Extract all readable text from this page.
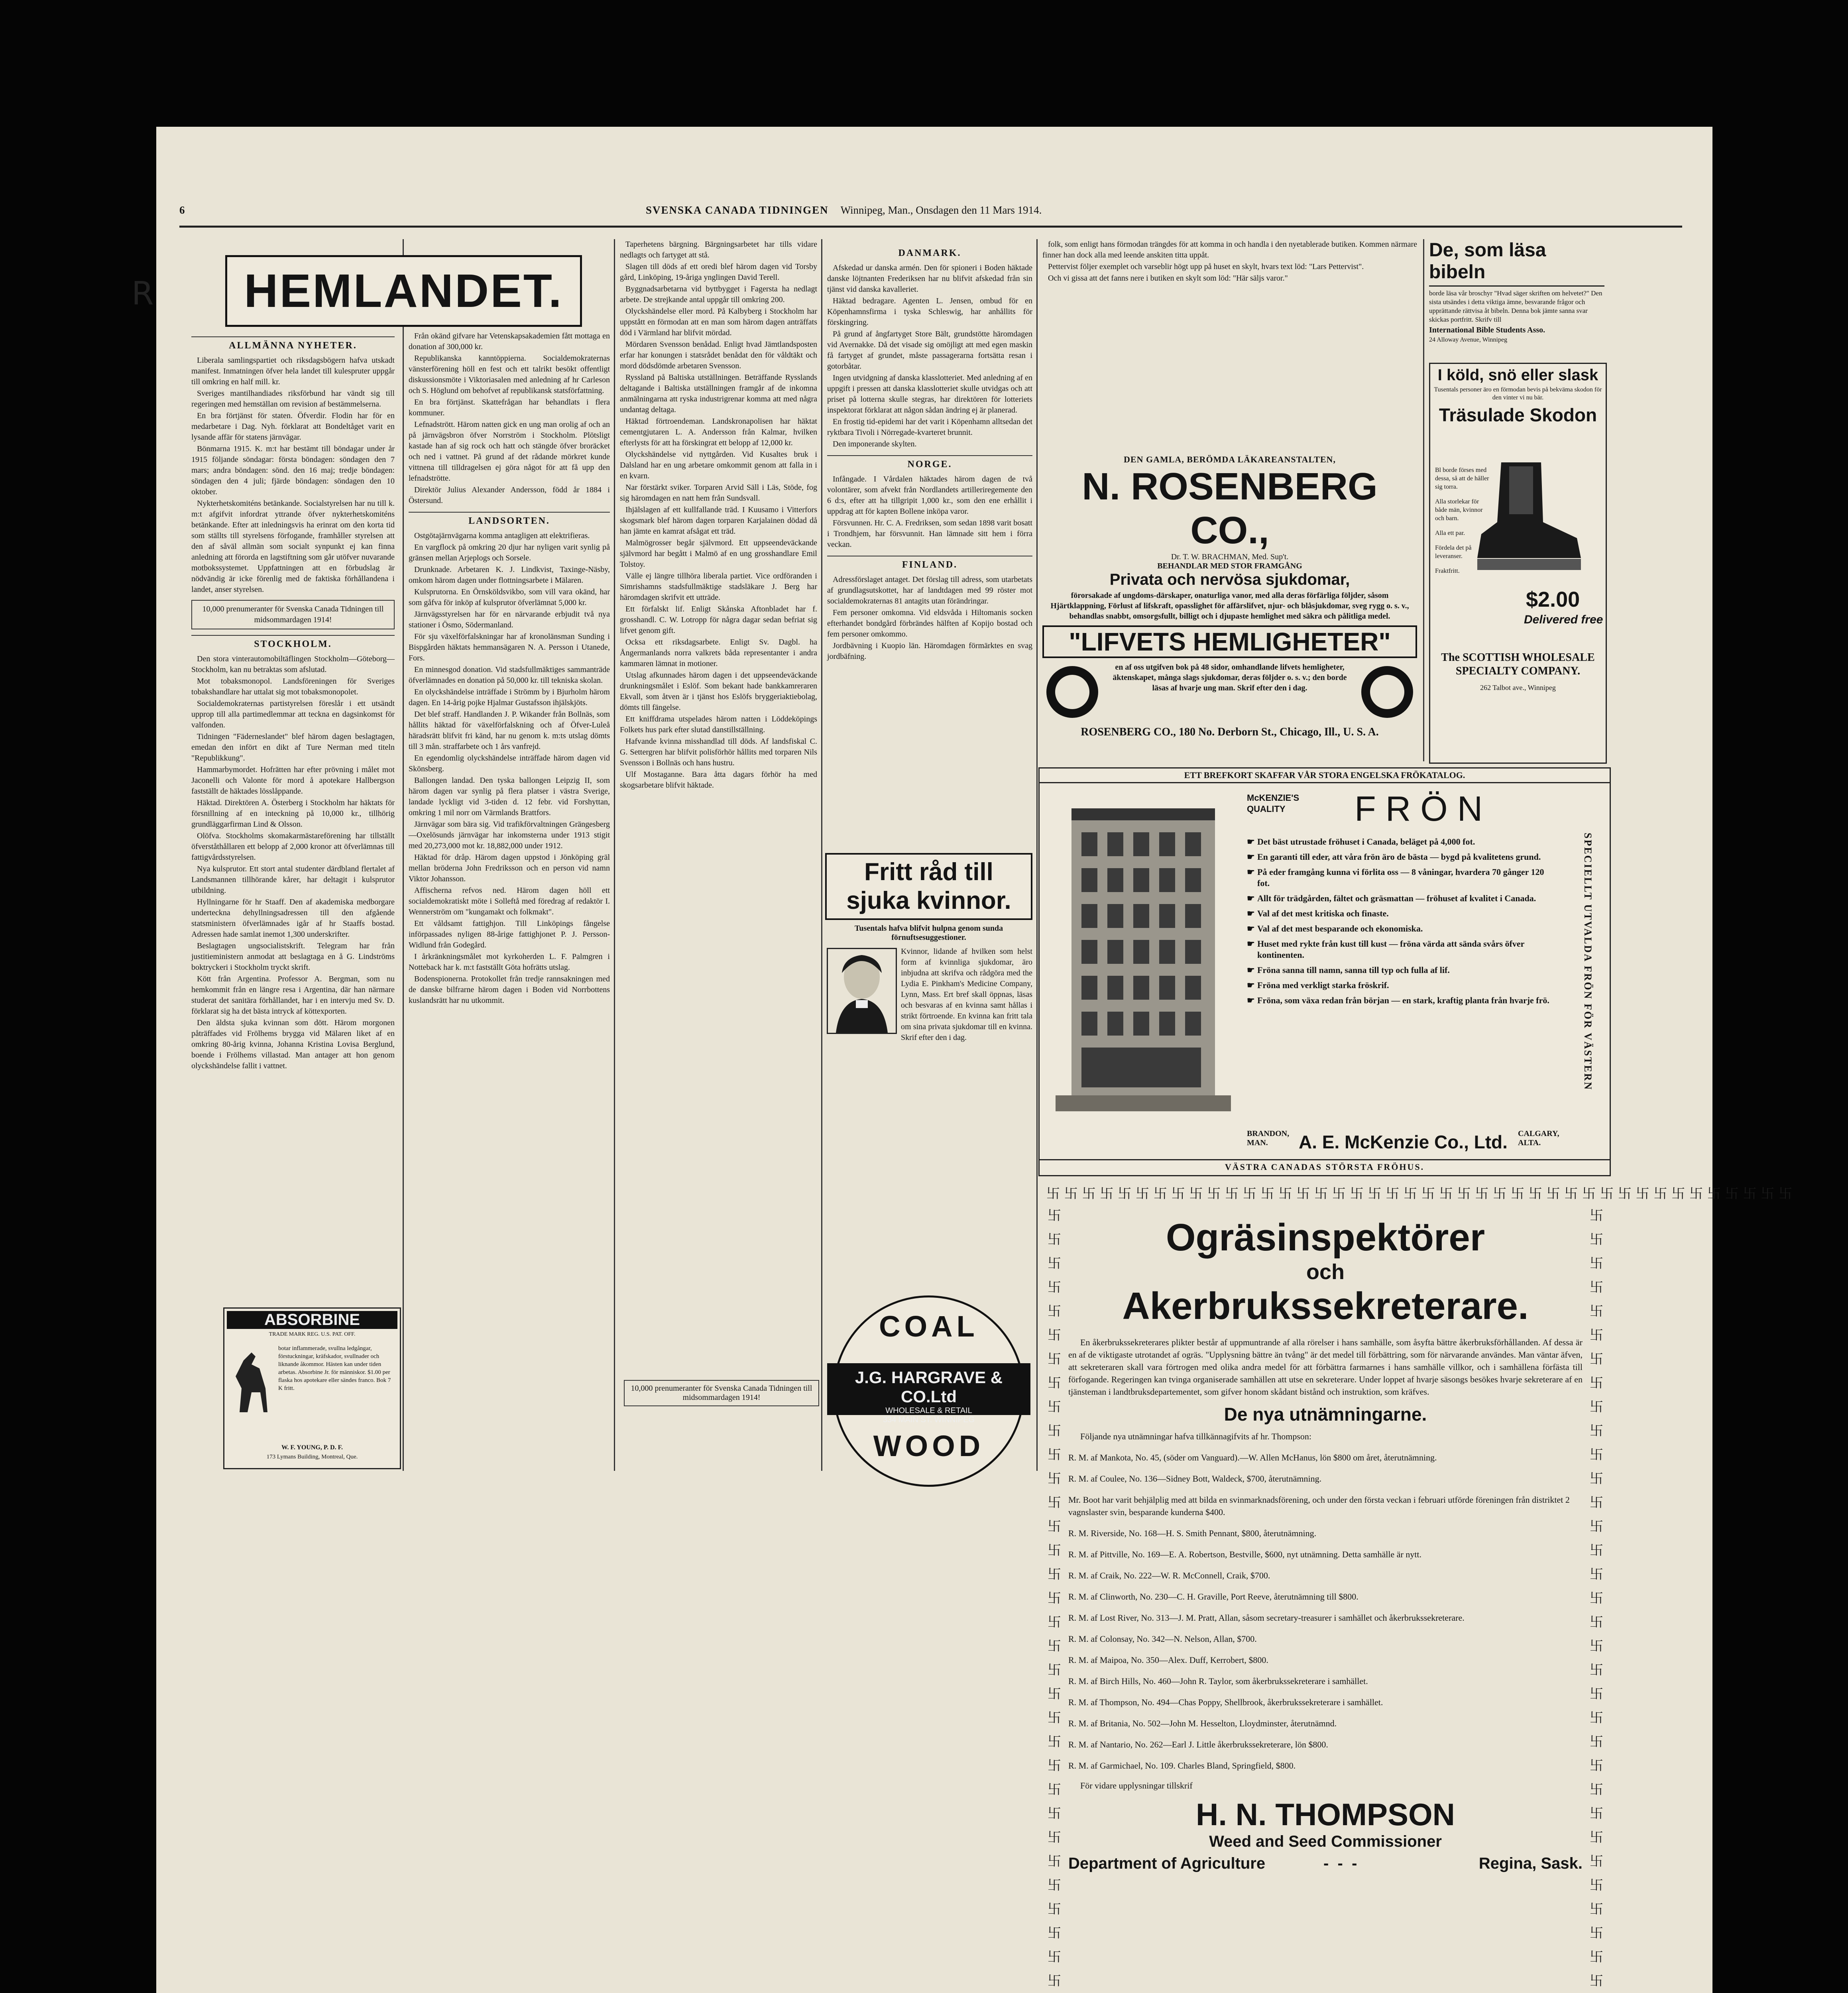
6	SVENSKA CANADA TIDNINGEN Winnipeg, Man., Onsdagen den 11 Mars 1914.
R	HEMLANDET.
ALLMÄNNA NYHETER.

Liberala samlingspartiet och riksdagsbögern hafva utskadt manifest. Inmatningen öfver hela landet till kulespruter uppgår till omkring en half mill. kr.

Sveriges mantilhandiades riksförbund har vändt sig till regeringen med hemställan om revision af bestämmelserna.

En bra förtjänst för staten. Öfverdir. Flodin har för en medarbetare i Dag. Nyh. förklarat att Bondeltåget varit en lysande affär för statens järnvägar.

Bönmarna 1915. K. m:t har bestämt till böndagar under år 1915 följande söndagar: första böndagen: söndagen den 7 mars; andra böndagen: sönd. den 16 maj; tredje böndagen: söndagen den 4 juli; fjärde böndagen: söndagen den 10 oktober.

Nykterhetskomiténs betänkande. Socialstyrelsen har nu till k. m:t afgifvit infordrat yttrande öfver nykterhetskomiténs betänkande. Efter att inledningsvis ha erinrat om den korta tid som ställts till styrelsens förfogande, framhåller styrelsen att den af såväl allmän som socialt synpunkt ej kan finna anledning att förorda en lagstiftning som går utöfver nuvarande motbokssystemet. Uppfattningen att en förbudslag är nödvändig är icke förenlig med de faktiska förhållandena i landet, anser styrelsen.

10,000 prenumeranter för Svenska Canada Tidningen till midsommardagen 1914!
STOCKHOLM.

Den stora vinterautomobiltäflingen Stockholm—Göteborg—Stockholm, kan nu betraktas som afslutad.

Mot tobaksmonopol. Landsföreningen för Sveriges tobakshandlare har uttalat sig mot tobaksmonopolet.

Socialdemokraternas partistyrelsen föreslår i ett utsändt upprop till alla partimedlemmar att teckna en dagsinkomst för valfonden.

Tidningen "Fäderneslandet" blef härom dagen beslagtagen, emedan den infört en dikt af Ture Nerman med titeln "Republikkung".

Hammarbymordet. Hofrätten har efter prövning i målet mot Jaconelli och Valonte för mord å apotekare Hallbergson fastställt de häktades lösslåppande.

Häktad. Direktören A. Österberg i Stockholm har häktats för försnillning af en inteckning på 10,000 kr., tillhörig grundläggarfirman Lind & Olsson.

Olöfva. Stockholms skomakarmästareförening har tillställt öfverståthållaren ett belopp af 2,000 kronor att öfverlämnas till fattigvårdsstyrelsen.

Nya kulsprutor. Ett stort antal studenter därdbland flertalet af Landsmannen tillhörande kårer, har deltagit i kulsprutor utbildning.

Hyllningarne för hr Staaff. Den af akademiska medborgare underteckna dehyllningsadressen till den afgående statsministern öfverlämnades igår af hr Staaffs bostad. Adressen hade samlat inemot 1,300 underskrifter.

Beslagtagen ungsocialistskrift. Telegram har från justitieministern anmodat att beslagtaga en å G. Lindströms boktryckeri i Stockholm tryckt skrift.

Kött från Argentina. Professor A. Bergman, som nu hemkommit från en längre resa i Argentina, där han närmare studerat det sanitära förhållandet, har i en intervju med Sv. D. förklarat sig ha det bästa intryck af köttexporten.

Den äldsta sjuka kvinnan som dött. Härom morgonen påträffades vid Frölhems brygga vid Mälaren liket af en omkring 80-årig kvinna, Johanna Kristina Lovisa Berglund, boende i Frölhems villastad. Man antager att hon genom olyckshändelse fallit i vattnet.

ABSORBINE
TRADE MARK REG. U.S. PAT. OFF.
botar inflammerade, svullna ledgångar, förstuckningar, kräfskador, svullnader och liknande åkommor. Hästen kan under tiden arbetas. Absorbine Jr. för människor. $1.00 per flaska hos apotekare eller sändes franco. Bok 7 K fritt.
W. F. YOUNG, P. D. F.
173 Lymans Building, Montreal, Que.

Från okänd gifvare har Vetenskapsakademien fått mottaga en donation af 300,000 kr.

Republikanska kanntöppierna. Socialdemokraternas vänsterförening höll en fest och ett talrikt besökt offentligt diskussionsmöte i Viktoriasalen med anledning af hr Carleson och S. Höglund om behofvet af republikansk statsförfattning.

En bra förtjänst. Skattefrågan har behandlats i flera kommuner.

Lefnadstrött. Härom natten gick en ung man orolig af och an på järnvägsbron öfver Norrström i Stockholm. Plötsligt kastade han af sig rock och hatt och stängde öfver broräcket och ned i vattnet. På grund af det rådande mörkret kunde vittnena till tilldragelsen ej göra något för att få upp den lefnadströtte.

Direktör Julius Alexander Andersson, född år 1884 i Östersund.

LANDSORTEN.

Ostgötajärnvägarna komma antagligen att elektrifieras.

En vargflock på omkring 20 djur har nyligen varit synlig på gränsen mellan Arjeplogs och Sorsele.

Drunknade. Arbetaren K. J. Lindkvist, Taxinge-Näsby, omkom härom dagen under flottningsarbete i Mälaren.

Kulsprutorna. En Örnsköldsvikbo, som vill vara okänd, har som gåfva för inköp af kulsprutor öfverlämnat 5,000 kr.

Järnvägsstyrelsen har för en närvarande erbjudit två nya stationer i Ösmo, Södermanland.

För sju växelförfalskningar har af kronolänsman Sunding i Bispgården häktats hemmansägaren N. A. Persson i Utanede, Fors.

En minnesgod donation. Vid stadsfullmäktiges sammanträde öfverlämnades en donation på 50,000 kr. till tekniska skolan.

En olyckshändelse inträffade i Strömm by i Bjurholm härom dagen. En 14-årig pojke Hjalmar Gustafsson ihjälskjöts.

Det blef straff. Handlanden J. P. Wikander från Bollnäs, som hållits häktad för växelförfalskning och af Öfver-Luleå häradsrätt blifvit fri känd, har nu genom k. m:ts utslag dömts till 3 mån. straffarbete och 1 års vanfrejd.

En egendomlig olyckshändelse inträffade härom dagen vid Skönsberg.

Ballongen landad. Den tyska ballongen Leipzig II, som härom dagen var synlig på flera platser i västra Sverige, landade lyckligt vid 3-tiden d. 12 febr. vid Forshyttan, omkring 1 mil norr om Värmlands Brattfors.

Järnvägar som bära sig. Vid trafikförvaltningen Grängesberg—Oxelösunds järnvägar har inkomsterna under 1913 stigit med 20,273,000 mot kr. 18,882,000 under 1912.

Häktad för dråp. Härom dagen uppstod i Jönköping gräl mellan bröderna John Fredriksson och en person vid namn Viktor Johansson.

Affischerna refvos ned. Härom dagen höll ett socialdemokratiskt möte i Solleftå med föredrag af redaktör I. Wennerström om "kungamakt och folkmakt".

Ett våldsamt fattighjon. Till Linköpings fångelse införpassades nyligen 88-årige fattighjonet P. J. Persson-Widlund från Godegård.

I årkränkningsmålet mot kyrkoherden L. F. Palmgren i Notteback har k. m:t fastställt Göta hofrätts utslag.

Bodenspionerna. Protokollet från tredje rannsakningen med de danske bilfrarne härom dagen i Boden vid Norrbottens kuslandsrätt har nu utkommit.

Taperhetens bärgning. Bärgningsarbetet har tills vidare nedlagts och fartyget att stå.

Slagen till döds af ett oredi blef härom dagen vid Torsby gård, Linköping, 19-åriga ynglingen David Terell.

Byggnadsarbetarna vid byttbygget i Fagersta ha nedlagt arbete. De strejkande antal uppgår till omkring 200.

Olyckshändelse eller mord. På Kalbyberg i Stockholm har uppstått en förmodan att en man som härom dagen anträffats död i Värmland har blifvit mördad.

Mördaren Svensson benådad. Enligt hvad Jämtlandsposten erfar har konungen i statsrådet benådat den för våldtäkt och mord dödsdömde arbetaren Svensson.

Ryssland på Baltiska utställningen. Beträffande Rysslands deltagande i Baltiska utställningen framgår af de inkomna anmälningarna att ryska industrigrenar komma att med några undantag deltaga.

Häktad förtroendeman. Landskronapolisen har häktat cementgjutaren L. A. Andersson från Kalmar, hvilken efterlysts för att ha förskingrat ett belopp af 12,000 kr.

Olyckshändelse vid nyttgården. Vid Kusaltes bruk i Dalsland har en ung arbetare omkommit genom att falla in i en kvarn.

Nar förstärkt sviker. Torparen Arvid Säll i Läs, Stöde, fog sig häromdagen en natt hem från Sundsvall.

Ihjälslagen af ett kullfallande träd. I Kuusamo i Vitterfors skogsmark blef härom dagen torparen Karjalainen dödad då han jämte en kamrat afsågat ett träd.

Malmögrosser begår självmord. Ett uppseendeväckande självmord har begått i Malmö af en ung grosshandlare Emil Tolstoy.

Välle ej längre tillhöra liberala partiet. Vice ordföranden i Simrishamns stadsfullmäktige stadsläkare J. Berg har häromdagen skrifvit ett utträde.

Ett förfalskt lif. Enligt Skånska Aftonbladet har f. grosshandl. C. W. Lotropp för några dagar sedan befriat sig lifvet genom gift.

Ocksa ett riksdagsarbete. Enligt Sv. Dagbl. ha Ångermanlands norra valkrets båda representanter i andra kammaren lämnat in motioner.

Utslag afkunnades härom dagen i det uppseendeväckande drunkningsmålet i Eslöf. Som bekant hade bankkamreraren Ekvall, som åtven är i tjänst hos Eslöfs bryggeriaktiebolag, dömts till fängelse.

Ett kniffdrama utspelades härom natten i Löddeköpings Folkets hus park efter slutad danstillställning.

Hafvande kvinna misshandlad till döds. Af landsfiskal C. G. Settergren har blifvit polisförhör hållits med torparen Nils Svensson i Bollnäs och hans hustru.

Ulf Mostaganne. Bara åtta dagars förhör ha med skogsarbetare blifvit häktade.

10,000 prenumeranter för Svenska Canada Tidningen till midsommardagen 1914!
DANMARK.

Afskedad ur danska armén. Den för spioneri i Boden häktade danske löjtnanten Frederiksen har nu blifvit afskedad från sin tjänst vid danska kavalleriet.

Häktad bedragare. Agenten L. Jensen, ombud för en Köpenhamnsfirma i tyska Schleswig, har anhållits för förskingring.

På grund af ångfartyget Store Bält, grundstötte häromdagen vid Avernakke. Då det visade sig omöjligt att med egen maskin få fartyget af grundet, måste passagerarna fortsätta resan i gotorbåtar.

Ingen utvidgning af danska klasslotteriet. Med anledning af en uppgift i pressen att danska klasslotteriet skulle utvidgas och att priset på lotterna skulle stegras, har direktören för lotteriets inspektorat förklarat att någon sådan ändring ej är planerad.

En frostig tid-epidemi har det varit i Köpenhamn alltsedan det ryktbara Tivoli i Nörregade-kvarteret brunnit.

Den imponerande skylten.

NORGE.

Infångade. I Vårdalen häktades härom dagen de två volontärer, som afvekt från Nordlandets artilleriregemente den 6 d:s, efter att ha tillgripit 1,000 kr., som den ene erhållit i uppdrag att för kapten Bollene inköpa varor.

Försvunnen. Hr. C. A. Fredriksen, som sedan 1898 varit bosatt i Trondhjem, har försvunnit. Han lämnade sitt hem i förra veckan.

FINLAND.

Adressförslaget antaget. Det förslag till adress, som utarbetats af grundlagsutskottet, har af landtdagen med 99 röster mot socialdemokraternas 81 antagits utan förändringar.

Fem personer omkomna. Vid eldsvåda i Hiltomanis socken efterhandet bondgård förbrändes hälften af Kopijo bostad och fem personer omkommo.

Jordbävning i Kuopio län. Häromdagen förmärktes en svag jordbäfning.

Fritt råd till sjuka kvinnor.
Tusentals hafva blifvit hulpna genom sunda förnuftsesuggestioner.
Kvinnor, lidande af hvilken som helst form af kvinnliga sjukdomar, äro inbjudna att skrifva och rådgöra med the Lydia E. Pinkham's Medicine Company, Lynn, Mass. Ert bref skall öppnas, läsas och besvaras af en kvinna samt hållas i strikt förtroende. En kvinna kan fritt tala om sina privata sjukdomar till en kvinna. Skrif efter den i dag.
COAL
J.G. HARGRAVE & CO.Ltd
WHOLESALE & RETAIL
334 MAIN ST. WINNIPEG
WOOD

folk, som enligt hans förmodan trängdes för att komma in och handla i den nyetablerade butiken. Kommen närmare finner han dock alla med leende anskiten titta uppåt.

Pettervist följer exemplet och varseblir högt upp på huset en skylt, hvars text löd: "Lars Pettervist".

Och vi gissa att det fanns nere i butiken en skylt som löd: "Här säljs varor."

De, som läsa bibeln
borde läsa vår broschyr "Hvad säger skriften om helvetet?" Den sista utsändes i detta viktiga ämne, besvarande frågor och upprättande rättvisa åt bibeln. Denna bok jämte sanna svar skickas portfritt. Skrifv till
International Bible Students Asso.
24 Alloway Avenue, Winnipeg
I köld, snö eller slask
Tusentals personer äro en förmodan bevis på bekväma skodon för den vinter vi nu bär.
Träsulade Skodon

Bl borde förses med dessa, så att de håller sig torra.

Alla storlekar för både män, kvinnor och barn.

Alla ett par.

Fördela det på leveranser.

Fraktfritt.

$2.00
Delivered free
The SCOTTISH WHOLESALE SPECIALTY COMPANY.
262 Talbot ave., Winnipeg
DEN GAMLA, BERÖMDA LÄKAREANSTALTEN,
N. ROSENBERG CO.,
Dr. T. W. BRACHMAN, Med. Sup't.
BEHANDLAR MED STOR FRAMGÅNG
Privata och nervösa sjukdomar,
förorsakade af ungdoms-därskaper, onaturliga vanor, med alla deras förfärliga följder, såsom Hjärtklappning, Förlust af lifskraft, opasslighet för affärslifvet, njur- och blåsjukdomar, sveg rygg o. s. v., behandlas snabbt, omsorgsfullt, billigt och i djupaste hemlighet med säkra och pålitliga medel.
"LIFVETS HEMLIGHETER"
en af oss utgifven bok på 48 sidor, omhandlande lifvets hemligheter, äktenskapet, många slags sjukdomar, deras följder o. s. v.; den borde läsas af hvarje ung man. Skrif efter den i dag.
ROSENBERG CO., 180 No. Derborn St., Chicago, Ill., U. S. A.
ETT BREFKORT SKAFFAR VÅR STORA ENGELSKA FRÖKATALOG.
McKENZIE'S QUALITY	FRÖN

☛ Det bäst utrustade fröhuset i Canada, beläget på 4,000 fot.

☛ En garanti till eder, att våra frön äro de bästa — bygd på kvalitetens grund.

☛ På eder framgång kunna vi förlita oss — 8 våningar, hvardera 70 gånger 120 fot.

☛ Allt för trädgården, fältet och gräsmattan — fröhuset af kvalitet i Canada.

☛ Val af det mest kritiska och finaste.

☛ Val af det mest besparande och ekonomiska.

☛ Huset med rykte från kust till kust — fröna värda att sända svårs öfver kontinenten.

☛ Fröna sanna till namn, sanna till typ och fulla af lif.

☛ Fröna med verkligt starka fröskrif.

☛ Fröna, som växa redan från början — en stark, kraftig planta från hvarje frö.	SPECIELLT UTVALDA FRÖN FÖR VÄSTERN
BRANDON, MAN.	A. E. McKenzie Co., Ltd. CALGARY, ALTA.
VÄSTRA CANADAS STÖRSTA FRÖHUS.
卐 卐 卐 卐 卐 卐 卐 卐 卐 卐 卐 卐 卐 卐 卐 卐 卐 卐 卐 卐 卐 卐 卐 卐 卐 卐 卐 卐 卐 卐 卐 卐 卐 卐 卐 卐 卐 卐 卐 卐 卐 卐
卐卐卐卐卐卐卐卐卐卐卐卐卐卐卐卐卐卐卐卐卐卐卐卐卐卐卐卐卐卐卐卐卐
卐卐卐卐卐卐卐卐卐卐卐卐卐卐卐卐卐卐卐卐卐卐卐卐卐卐卐卐卐卐卐卐卐
Ogräsinspektörer
och
Akerbrukssekreterare.
En åkerbrukssekreterares plikter består af uppmuntrande af alla rörelser i hans samhälle, som åsyfta bättre åkerbruksförhållanden. Af dessa är en af de viktigaste utrotandet af ogräs. "Upplysning bättre än tvång" är det medel till förbättring, som för närvarande användes. Man väntar äfven, att sekreteraren skall vara förtrogen med olika andra medel för att förbättra farmarnes i hans samhälle villkor, och i samhällena förfästa till förfogande. Regeringen kan tvinga organiserade samhällen att utse en sekreterare. Under loppet af hvarje säsongs besökes hvarje sekreterare af en tjänsteman i landtbruksdepartementet, som gifver honom skådant bistånd och instruktion, som kräfves.
De nya utnämningarne.
Följande nya utnämningar hafva tillkännagifvits af hr. Thompson:

R. M. af Mankota, No. 45, (söder om Vanguard).—W. Allen McHanus, lön $800 om året, återutnämning.

R. M. af Coulee, No. 136—Sidney Bott, Waldeck, $700, återutnämning.

Mr. Boot har varit behjälplig med att bilda en svinmarknadsförening, och under den första veckan i februari utförde föreningen från distriktet 2 vagnslaster svin, besparande kunderna $400.

R. M. Riverside, No. 168—H. S. Smith Pennant, $800, återutnämning.

R. M. af Pittville, No. 169—E. A. Robertson, Bestville, $600, nyt utnämning. Detta samhälle är nytt.

R. M. af Craik, No. 222—W. R. McConnell, Craik, $700.

R. M. af Clinworth, No. 230—C. H. Graville, Port Reeve, återutnämning till $800.

R. M. af Lost River, No. 313—J. M. Pratt, Allan, såsom secretary-treasurer i samhället och åkerbrukssekreterare.

R. M. af Colonsay, No. 342—N. Nelson, Allan, $700.

R. M. af Maipoa, No. 350—Alex. Duff, Kerrobert, $800.

R. M. af Birch Hills, No. 460—John R. Taylor, som åkerbrukssekreterare i samhället.

R. M. af Thompson, No. 494—Chas Poppy, Shellbrook, åkerbrukssekreterare i samhället.

R. M. af Britania, No. 502—John M. Hesselton, Lloydminster, återutnämnd.

R. M. af Nantario, No. 262—Earl J. Little åkerbrukssekreterare, lön $800.

R. M. af Garmichael, No. 109. Charles Bland, Springfield, $800.

För vidare upplysningar tillskrif
H. N. THOMPSON
Weed and Seed Commissioner
Department of Agriculture	-  -  -	Regina, Sask.
